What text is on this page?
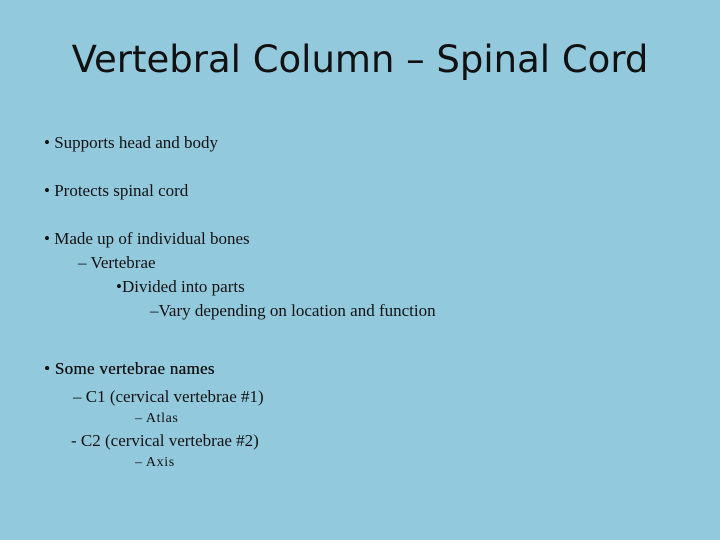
Vertebral Column – Spinal Cord
• Supports head and body
• Protects spinal cord
• Made up of individual bones
– Vertebrae
•Divided into parts
–Vary depending on location and function
• Some vertebrae names
– C1 (cervical vertebrae #1)
– Atlas
- C2 (cervical vertebrae #2)
– Axis
